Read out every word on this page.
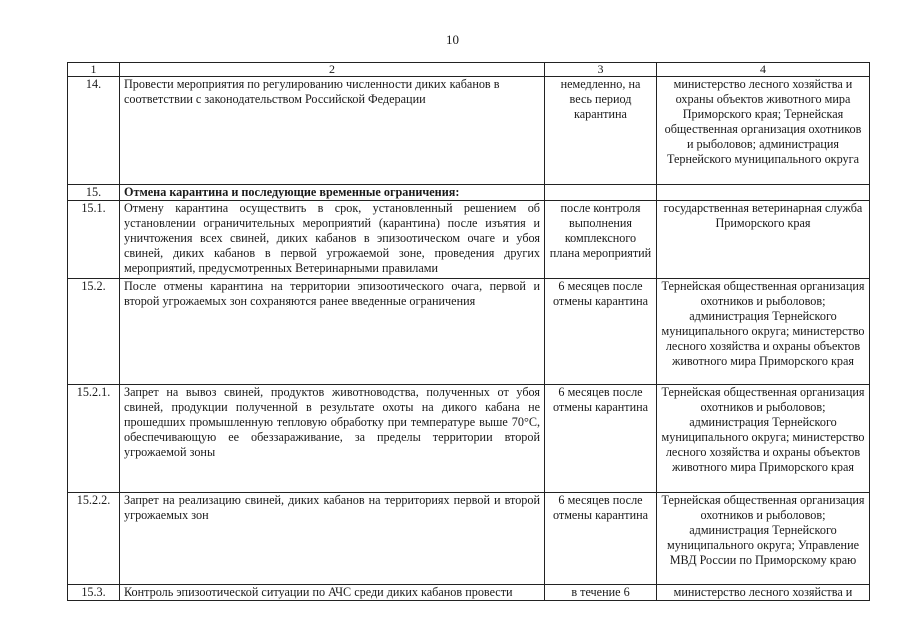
10
1	2	3	4
14.	Провести мероприятия по регулированию численности диких кабанов в соответствии с законодательством Российской Федерации	немедленно, на весь период карантина	министерство лесного хозяйства и охраны объектов животного мира Приморского края; Тернейская общественная организация охотников и рыболовов; администрация Тернейского муниципального округа
15.	Отмена карантина и последующие временные ограничения:		
15.1.	Отмену карантина осуществить в срок, установленный решением об установлении ограничительных мероприятий (карантина) после изъятия и уничтожения всех свиней, диких кабанов в эпизоотическом очаге и убоя свиней, диких кабанов в первой угрожаемой зоне, проведения других мероприятий, предусмотренных Ветеринарными правилами	после контроля выполнения комплексного плана мероприятий	государственная ветеринарная служба Приморского края
15.2.	После отмены карантина на территории эпизоотического очага, первой и второй угрожаемых зон сохраняются ранее введенные ограничения	6 месяцев после отмены карантина	Тернейская общественная организация охотников и рыболовов; администрация Тернейского муниципального округа; министерство лесного хозяйства и охраны объектов животного мира Приморского края
15.2.1.	Запрет на вывоз свиней, продуктов животноводства, полученных от убоя свиней, продукции полученной в результате охоты на дикого кабана не прошедших промышленную тепловую обработку при температуре выше 70°С, обеспечивающую ее обеззараживание, за пределы территории второй угрожаемой зоны	6 месяцев после отмены карантина	Тернейская общественная организация охотников и рыболовов; администрация Тернейского муниципального округа; министерство лесного хозяйства и охраны объектов животного мира Приморского края
15.2.2.	Запрет на реализацию свиней, диких кабанов на территориях первой и второй угрожаемых зон	6 месяцев после отмены карантина	Тернейская общественная организация охотников и рыболовов; администрация Тернейского муниципального округа; Управление МВД России по Приморскому краю
15.3.	Контроль эпизоотической ситуации по АЧС среди диких кабанов провести	в течение 6	министерство лесного хозяйства и
